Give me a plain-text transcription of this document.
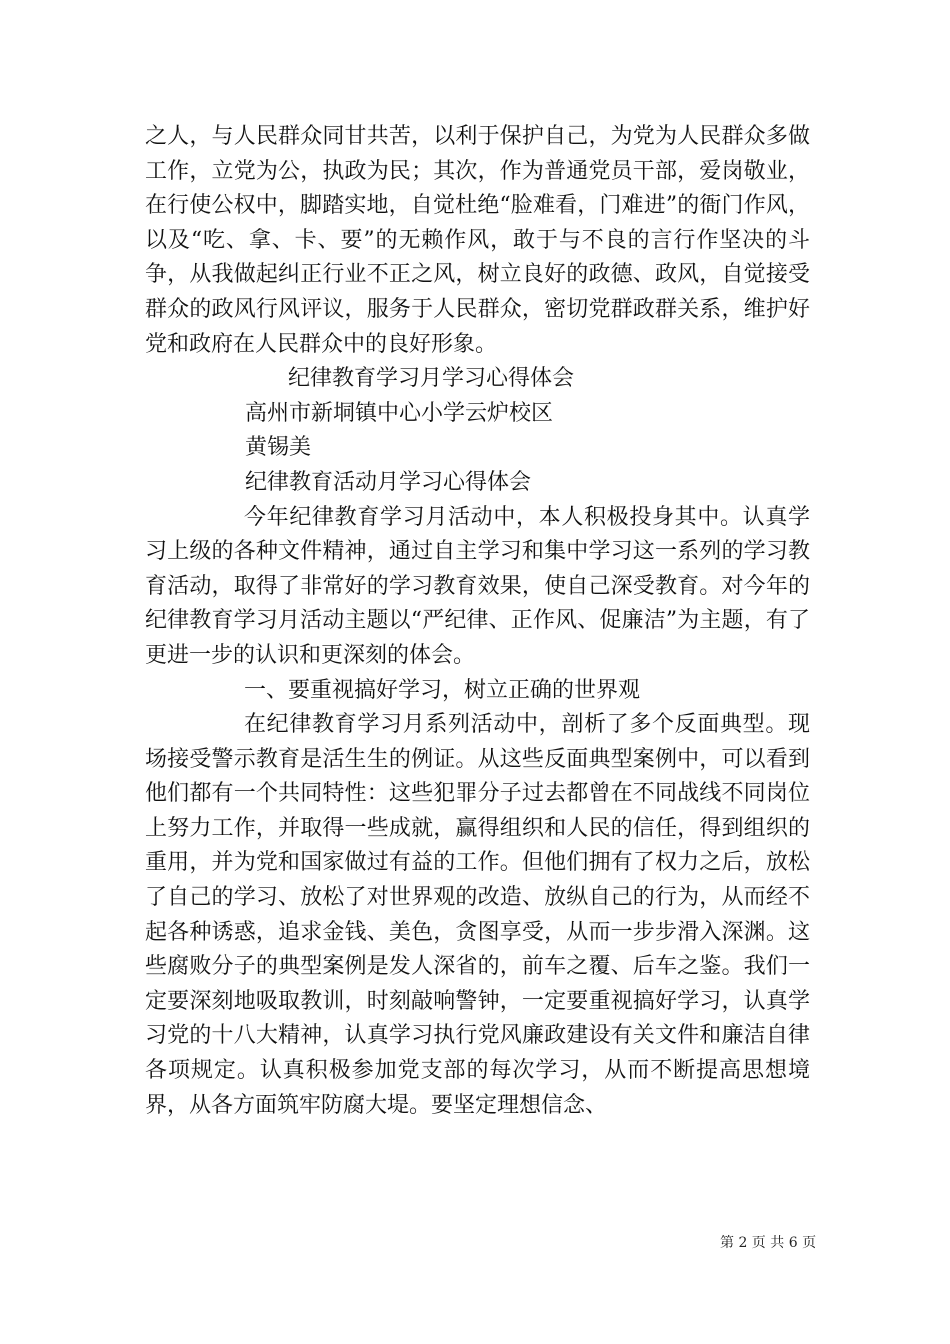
之人，与人民群众同甘共苦，以利于保护自己，为党为人民群众多做工作，立党为公，执政为民；其次，作为普通党员干部，爱岗敬业，在行使公权中，脚踏实地，自觉杜绝“脸难看，门难进”的衙门作风，以及“吃、拿、卡、要”的无赖作风，敢于与不良的言行作坚决的斗争，从我做起纠正行业不正之风，树立良好的政德、政风，自觉接受群众的政风行风评议，服务于人民群众，密切党群政群关系，维护好党和政府在人民群众中的良好形象。

纪律教育学习月学习心得体会

高州市新垌镇中心小学云炉校区

黄锡美

纪律教育活动月学习心得体会

今年纪律教育学习月活动中，本人积极投身其中。认真学习上级的各种文件精神，通过自主学习和集中学习这一系列的学习教育活动，取得了非常好的学习教育效果，使自己深受教育。对今年的纪律教育学习月活动主题以“严纪律、正作风、促廉洁”为主题，有了更进一步的认识和更深刻的体会。

一、要重视搞好学习，树立正确的世界观

在纪律教育学习月系列活动中，剖析了多个反面典型。现场接受警示教育是活生生的例证。从这些反面典型案例中，可以看到他们都有一个共同特性：这些犯罪分子过去都曾在不同战线不同岗位上努力工作，并取得一些成就，赢得组织和人民的信任，得到组织的重用，并为党和国家做过有益的工作。但他们拥有了权力之后，放松了自己的学习、放松了对世界观的改造、放纵自己的行为，从而经不起各种诱惑，追求金钱、美色，贪图享受，从而一步步滑入深渊。这些腐败分子的典型案例是发人深省的，前车之覆、后车之鉴。我们一定要深刻地吸取教训，时刻敲响警钟，一定要重视搞好学习，认真学习党的十八大精神，认真学习执行党风廉政建设有关文件和廉洁自律各项规定。认真积极参加党支部的每次学习，从而不断提高思想境界，从各方面筑牢防腐大堤。要坚定理想信念、

第 2 页 共 6 页
